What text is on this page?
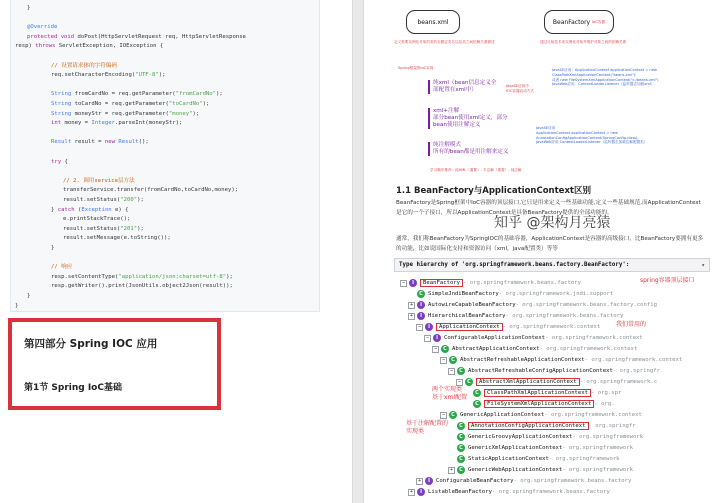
}
@Override
protected void doPost(HttpServletRequest req, HttpServletResponse
resp) throws ServletException, IOException {
// 设置请求体的字符编码
req.setCharacterEncoding("UTF-8");
String fromCardNo = req.getParameter("fromCardNo");
String toCardNo = req.getParameter("toCardNo");
String moneyStr = req.getParameter("money");
int money = Integer.parseInt(moneyStr);
Result result = new Result();
try {
// 2. 调用service层方法
transferService.transfer(fromCardNo,toCardNo,money);
result.setStatus("200");
} catch (Exception e) {
e.printStackTrace();
result.setStatus("201");
result.setMessage(e.toString());
}
// 响应
resp.setContentType("application/json;charset=utf-8");
resp.getWriter().print(JsonUtils.object2Json(result));
}
}
第四部分 Spring IOC 应用
第1节 Spring IoC基础
beans.xml	BeanFactory IoC容器
定义需要实例化对象的类的全限定类名以及类之间依赖关系描述	通过反射技术来实例化对象并维护对象之间的依赖关系
Spring框架的IoC实现
纯xml（bean信息定义全部配置在xml中）
JavaSE应用中
IOC容器启动方式
JavaSE应用：ApplicationContext applicationContext = new
ClassPathXmlApplicationContext("beans.xml");
或者 new FileSystemXmlApplicationContext("c:/beans.xml")
JavaWeb应用：ContextLoaderListener（监听器去加载xml）
xml+注解
部分bean使用xml定义，部分
bean使用注解定义
纯注解模式
所有的bean都是用注解来定义
JavaSE应用
ApplicationContext applicationContext = new
AnnotationConfigApplicationContext(SpringConfig.class);
JavaWeb应用 ContextLoaderListener（监听器去加载注解配置类）
学习顺序推荐：纯XML（重要）- 半注解（重要）- 纯注解
1.1 BeanFactory与ApplicationContext区别
BeanFactory是Spring框架中IoC容器的顶层接口,它只是用来定义一些基础功能,定义一些基础规范,而ApplicationContext是它的一个子接口，所以ApplicationContext是具备BeanFactory提供的全部功能的。
通常，我们称BeanFactory为SpringIOC的基础容器，ApplicationContext是容器的高级接口，比BeanFactory要拥有更多的功能，比如说国际化支持和资源访问（xml，java配置类）等等
Type hierarchy of 'org.springframework.beans.factory.BeanFactory':	▾
−	I	BeanFactory - org.springframework.beans.factory
C SimpleJndiBeanFactory - org.springframework.jndi.support
+	I	AutowireCapableBeanFactory - org.springframework.beans.factory.config
+	I	HierarchicalBeanFactory - org.springframework.beans.factory
−	I	ApplicationContext - org.springframework.context
−	I	ConfigurableApplicationContext - org.springframework.context
−	C AbstractApplicationContext - org.springframework.context
−	C AbstractRefreshableApplicationContext - org.springframework.context
−	C AbstractRefreshableConfigApplicationContext - org.springfr
−	C	AbstractXmlApplicationContext - org.springframework.c
C	ClassPathXmlApplicationContext - org.spr
C	FileSystemXmlApplicationContext - org.
−	C GenericApplicationContext - org.springframework.context
C	AnnotationConfigApplicationContext - org.springfr
C GenericGroovyApplicationContext - org.springframework
C GenericXmlApplicationContext - org.springframework
C StaticApplicationContext - org.springframework
+	C GenericWebApplicationContext - org.springframework
+	I	ConfigurableBeanFactory - org.springframework.beans.factory
+	I	ListableBeanFactory - org.springframework.beans.factory
spring容器顶层接口
我们常用的
两个实现类
基于xml配置
基于注解配置的
实现类
知乎 @架构月亮猿
